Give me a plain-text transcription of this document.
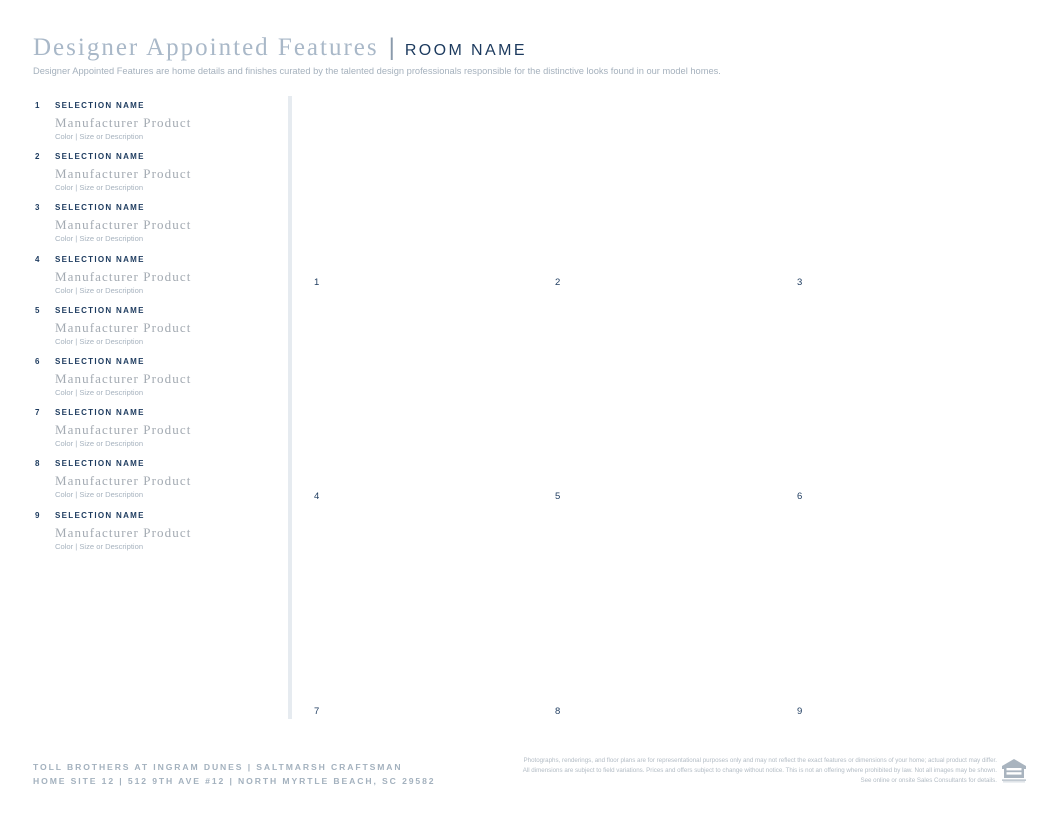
Designer Appointed Features | ROOM NAME
Designer Appointed Features are home details and finishes curated by the talented design professionals responsible for the distinctive looks found in our model homes.
1 SELECTION NAME
Manufacturer Product
Color | Size or Description
2 SELECTION NAME
Manufacturer Product
Color | Size or Description
3 SELECTION NAME
Manufacturer Product
Color | Size or Description
4 SELECTION NAME
Manufacturer Product
Color | Size or Description
5 SELECTION NAME
Manufacturer Product
Color | Size or Description
6 SELECTION NAME
Manufacturer Product
Color | Size or Description
7 SELECTION NAME
Manufacturer Product
Color | Size or Description
8 SELECTION NAME
Manufacturer Product
Color | Size or Description
9 SELECTION NAME
Manufacturer Product
Color | Size or Description
1	2	3
4	5	6
7	8	9
TOLL BROTHERS AT INGRAM DUNES | SALTMARSH CRAFTSMAN
HOME SITE 12 | 512 9TH AVE #12 | NORTH MYRTLE BEACH, SC 29582
Photographs, renderings, and floor plans are for representational purposes only and may not reflect the exact features or dimensions of your home; actual product may differ. All dimensions are subject to field variations. Prices and offers subject to change without notice. This is not an offering where prohibited by law. Not all images may be shown. See online or onsite Sales Consultants for details.
